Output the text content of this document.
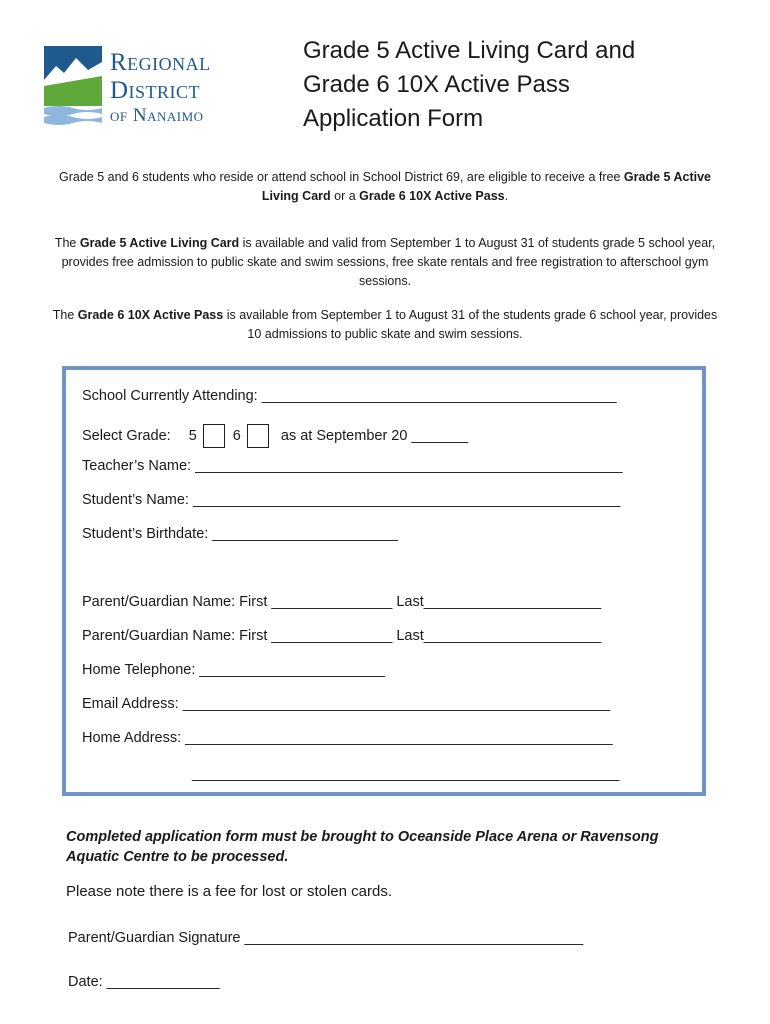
Regional
District
of Nanaimo
Grade 5 Active Living Card and
Grade 6 10X Active Pass
Application Form

Grade 5 and 6 students who reside or attend school in School District 69, are eligible to receive a free Grade 5 Active Living Card or a Grade 6 10X Active Pass.

The Grade 5 Active Living Card is available and valid from September 1 to August 31 of students grade 5 school year, provides free admission to public skate and swim sessions, free skate rentals and free registration to afterschool gym sessions.

The Grade 6 10X Active Pass is available from September 1 to August 31 of the students grade 6 school year, provides 10 admissions to public skate and swim sessions.

School Currently Attending: ____________________________________________
Select Grade: 5 6	as at September 20 _______
Teacher’s Name: _____________________________________________________
Student’s Name: _____________________________________________________
Student’s Birthdate: _______________________
Parent/Guardian Name: First _______________ Last______________________
Parent/Guardian Name: First _______________ Last______________________
Home Telephone: _______________________
Email Address: _____________________________________________________
Home Address: _____________________________________________________
_____________________________________________________

Completed application form must be brought to Oceanside Place Arena or Ravensong Aquatic Centre to be processed.

Please note there is a fee for lost or stolen cards.

Parent/Guardian Signature __________________________________________
Date: ______________
